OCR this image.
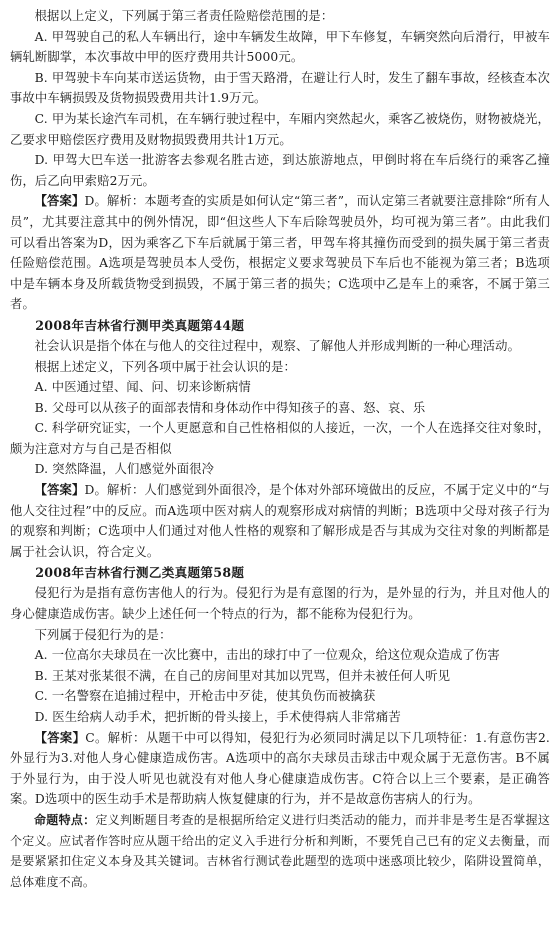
根据以上定义，下列属于第三者责任险赔偿范围的是：

A. 甲驾驶自己的私人车辆出行，途中车辆发生故障，甲下车修复，车辆突然向后滑行，甲被车辆轧断脚掌，本次事故中甲的医疗费用共计5000元。

B. 甲驾驶卡车向某市送运货物，由于雪天路滑，在避让行人时，发生了翻车事故，经核查本次事故中车辆损毁及货物损毁费用共计1.9万元。

C. 甲为某长途汽车司机，在车辆行驶过程中，车厢内突然起火，乘客乙被烧伤，财物被烧光，乙要求甲赔偿医疗费用及财物损毁费用共计1万元。

D. 甲驾大巴车送一批游客去参观名胜古迹，到达旅游地点，甲倒时将在车后绕行的乘客乙撞伤，后乙向甲索赔2万元。

【答案】D。解析：本题考查的实质是如何认定“第三者”，而认定第三者就要注意排除“所有人员”，尤其要注意其中的例外情况，即“但这些人下车后除驾驶员外，均可视为第三者”。由此我们可以看出答案为D，因为乘客乙下车后就属于第三者，甲驾车将其撞伤而受到的损失属于第三者责任险赔偿范围。A选项是驾驶员本人受伤，根据定义要求驾驶员下车后也不能视为第三者；B选项中是车辆本身及所载货物受到损毁，不属于第三者的损失；C选项中乙是车上的乘客，不属于第三者。

2008年吉林省行测甲类真题第44题

社会认识是指个体在与他人的交往过程中，观察、了解他人并形成判断的一种心理活动。

根据上述定义，下列各项中属于社会认识的是：

A. 中医通过望、闻、问、切来诊断病情

B. 父母可以从孩子的面部表情和身体动作中得知孩子的喜、怒、哀、乐

C. 科学研究证实，一个人更愿意和自己性格相似的人接近，一次，一个人在选择交往对象时，颇为注意对方与自己是否相似

D. 突然降温，人们感觉外面很冷

【答案】D。解析：人们感觉到外面很冷，是个体对外部环境做出的反应，不属于定义中的“与他人交往过程”中的反应。而A选项中医对病人的观察形成对病情的判断；B选项中父母对孩子行为的观察和判断；C选项中人们通过对他人性格的观察和了解形成是否与其成为交往对象的判断都是属于社会认识，符合定义。

2008年吉林省行测乙类真题第58题

侵犯行为是指有意伤害他人的行为。侵犯行为是有意图的行为，是外显的行为，并且对他人的身心健康造成伤害。缺少上述任何一个特点的行为，都不能称为侵犯行为。

下列属于侵犯行为的是：

A. 一位高尔夫球员在一次比赛中，击出的球打中了一位观众，给这位观众造成了伤害

B. 王某对张某很不满，在自己的房间里对其加以咒骂，但并未被任何人听见

C. 一名警察在追捕过程中，开枪击中歹徒，使其负伤而被擒获

D. 医生给病人动手术，把折断的骨头接上，手术使得病人非常痛苦

【答案】C。解析：从题干中可以得知，侵犯行为必须同时满足以下几项特征：1.有意伤害2.外显行为3.对他人身心健康造成伤害。A选项中的高尔夫球员击球击中观众属于无意伤害。B不属于外显行为，由于没人听见也就没有对他人身心健康造成伤害。C符合以上三个要素，是正确答案。D选项中的医生动手术是帮助病人恢复健康的行为，并不是故意伤害病人的行为。

命题特点：定义判断题目考查的是根据所给定义进行归类活动的能力，而并非是考生是否掌握这个定义。应试者作答时应从题干给出的定义入手进行分析和判断，不要凭自己已有的定义去衡量，而是要紧紧扣住定义本身及其关键词。吉林省行测试卷此题型的选项中迷惑项比较少，陷阱设置简单，总体难度不高。
